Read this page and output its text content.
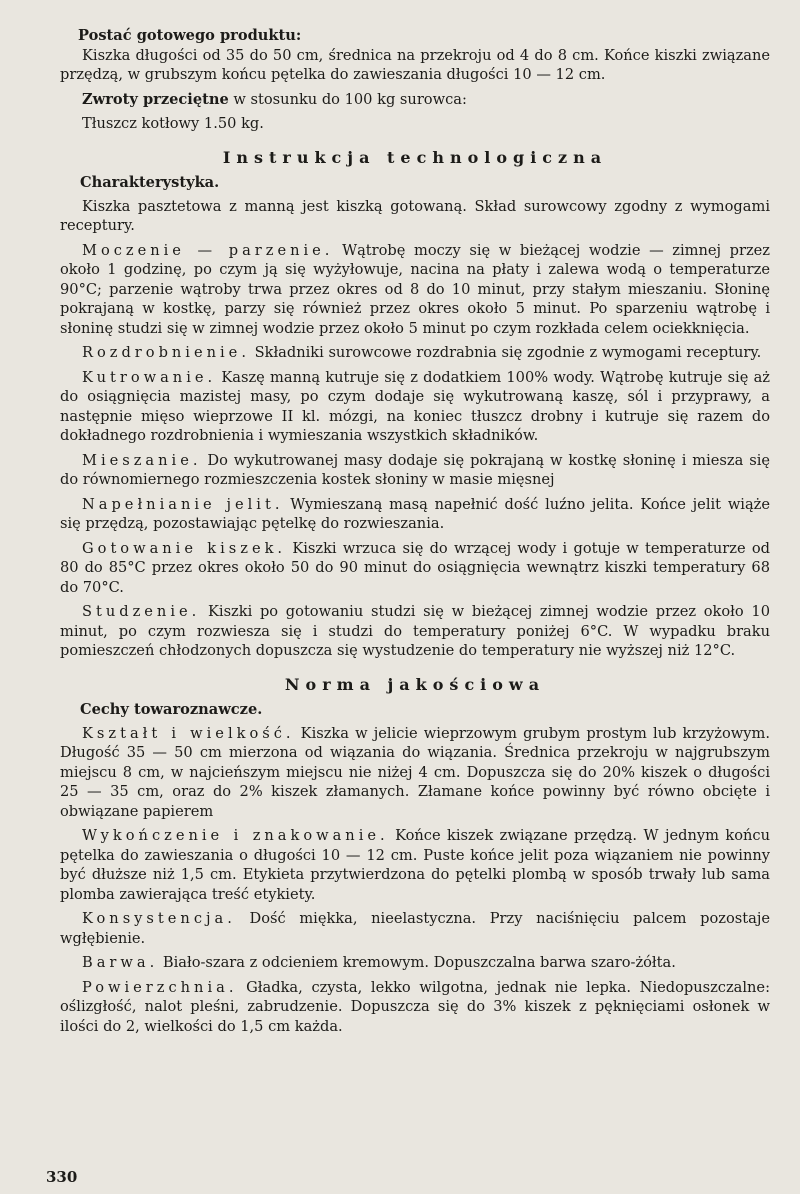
Postać gotowego produktu:

Kiszka długości od 35 do 50 cm, średnica na przekroju od 4 do 8 cm. Końce kiszki związane przędzą, w grubszym końcu pętelka do zawieszania długości 10 — 12 cm.

Zwroty przeciętne w stosunku do 100 kg surowca:

Tłuszcz kotłowy 1.50 kg.

Instrukcja technologiczna

Charakterystyka.

Kiszka pasztetowa z manną jest kiszką gotowaną. Skład surowcowy zgodny z wymogami receptury.

Moczenie — parzenie. Wątrobę moczy się w bieżącej wodzie — zimnej przez około 1 godzinę, po czym ją się wyżyłowuje, nacina na płaty i zalewa wodą o temperaturze 90°C; parzenie wątroby trwa przez okres od 8 do 10 minut, przy stałym mieszaniu. Słoninę pokrajaną w kostkę, parzy się również przez okres około 5 minut. Po sparzeniu wątrobę i słoninę studzi się w zimnej wodzie przez około 5 minut po czym rozkłada celem ociekknięcia.

Rozdrobnienie. Składniki surowcowe rozdrabnia się zgodnie z wymogami receptury.

Kutrowanie. Kaszę manną kutruje się z dodatkiem 100% wody. Wątrobę kutruje się aż do osiągnięcia mazistej masy, po czym dodaje się wykutrowaną kaszę, sól i przyprawy, a następnie mięso wieprzowe II kl. mózgi, na koniec tłuszcz drobny i kutruje się razem do dokładnego rozdrobnienia i wymieszania wszystkich składników.

Mieszanie. Do wykutrowanej masy dodaje się pokrajaną w kostkę słoninę i miesza się do równomiernego rozmieszczenia kostek słoniny w masie mięsnej

Napełnianie jelit. Wymieszaną masą napełnić dość luźno jelita. Końce jelit wiąże się przędzą, pozostawiając pętelkę do rozwieszania.

Gotowanie kiszek. Kiszki wrzuca się do wrzącej wody i gotuje w temperaturze od 80 do 85°C przez okres około 50 do 90 minut do osiągnięcia wewnątrz kiszki temperatury 68 do 70°C.

Studzenie. Kiszki po gotowaniu studzi się w bieżącej zimnej wodzie przez około 10 minut, po czym rozwiesza się i studzi do temperatury poniżej 6°C. W wypadku braku pomieszczeń chłodzonych dopuszcza się wystudzenie do temperatury nie wyższej niż 12°C.

Norma jakościowa

Cechy towaroznawcze.

Kształt i wielkość. Kiszka w jelicie wieprzowym grubym prostym lub krzyżowym. Długość 35 — 50 cm mierzona od wiązania do wiązania. Średnica przekroju w najgrubszym miejscu 8 cm, w najcieńszym miejscu nie niżej 4 cm. Dopuszcza się do 20% kiszek o długości 25 — 35 cm, oraz do 2% kiszek złamanych. Złamane końce powinny być równo obcięte i obwiązane papierem

Wykończenie i znakowanie. Końce kiszek związane przędzą. W jednym końcu pętelka do zawieszania o długości 10 — 12 cm. Puste końce jelit poza wiązaniem nie powinny być dłuższe niż 1,5 cm. Etykieta przytwierdzona do pętelki plombą w sposób trwały lub sama plomba zawierająca treść etykiety.

Konsystencja. Dość miękka, nieelastyczna. Przy naciśnięciu palcem pozostaje wgłębienie.

Barwa. Biało-szara z odcieniem kremowym. Dopuszczalna barwa szaro-żółta.

Powierzchnia. Gładka, czysta, lekko wilgotna, jednak nie lepka. Niedopuszczalne: oślizgłość, nalot pleśni, zabrudzenie. Dopuszcza się do 3% kiszek z pęknięciami osłonek w ilości do 2, wielkości do 1,5 cm każda.

330
